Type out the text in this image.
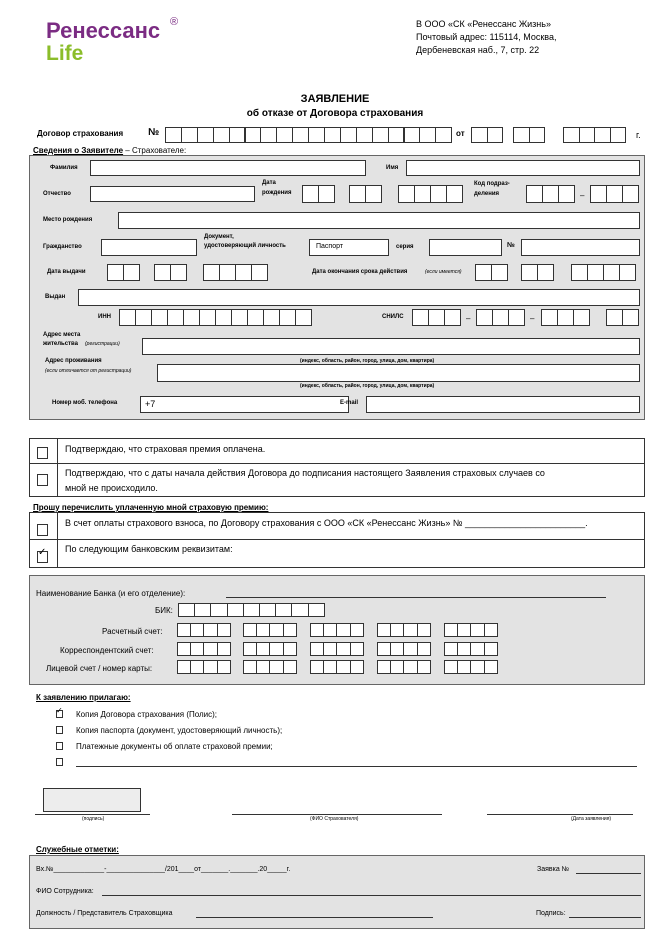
Ренессанс ®
Life
В ООО «СК «Ренессанс Жизнь»
Почтовый адрес: 115114, Москва,
Дербеневская наб., 7, стр. 22
ЗАЯВЛЕНИЕ
об отказе от Договора страхования
Договор страхования №	от	г.
Сведения о Заявителе – Страхователе:
Фамилия	Имя
Отчество
Дата
рождения
Код подраз-
деления	–
Место рождения
Гражданство
Документ,
удостоверяющий личность	Паспорт	серия	№
Дата выдачи	Дата окончания срока действия	(если имеется)
Выдан
ИНН	СНИЛС	–	–
Адрес места
жительства (регистрации)
(индекс, область, район, город, улица, дом, квартира)
Адрес проживания
(если отличается от регистрации)
(индекс, область, район, город, улица, дом, квартира)
Номер моб. телефона	+7	E-mail
Подтверждаю, что страховая премия оплачена.
Подтверждаю, что с даты начала действия Договора до подписания настоящего Заявления страховых случаев со
мной не происходило.
Прошу перечислить уплаченную мной страховую премию:
В счет оплаты страхового взноса, по Договору страхования с ООО «СК «Ренессанс Жизнь» № ________________________.
✓ По следующим банковским реквизитам:
Наименование Банка (и его отделение):
БИК:
Расчетный счет:
Корреспондентский счет:
Лицевой счет / номер карты:
К заявлению прилагаю:
✓ Копия Договора страхования (Полис);
Копия паспорта (документ, удостоверяющий личность);
Платежные документы об оплате страховой премии;
(подпись)	(ФИО Страхователя)	(Дата заявления)
Служебные отметки:
Вх.№_____________-_______________/201____от_______._______.20_____г.	Заявка №
ФИО Сотрудника:
Должность / Представитель Страховщика	Подпись:
